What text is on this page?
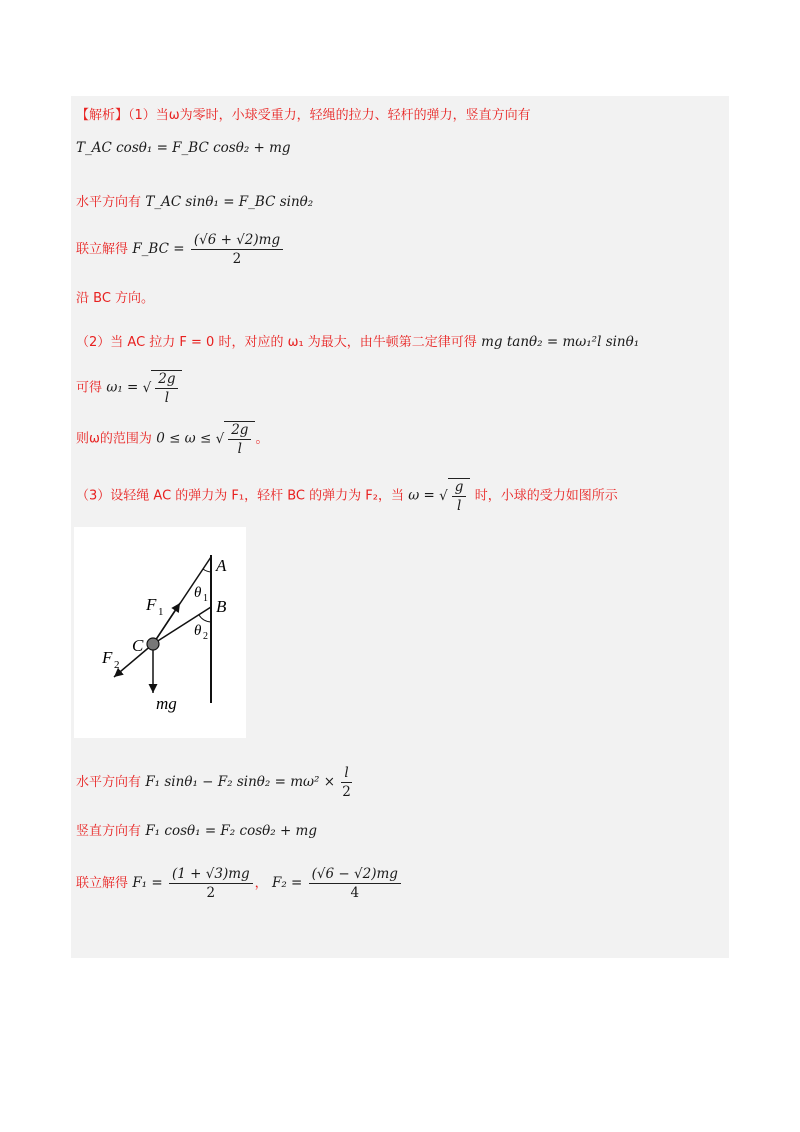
【解析】（1）当ω为零时，小球受重力，轻绳的拉力、轻杆的弹力，竖直方向有
T_AC cosθ₁ = F_BC cosθ₂ + mg
水平方向有 T_AC sinθ₁ = F_BC sinθ₂
联立解得 F_BC = $\frac{(√6 + √2)mg}{2}$
沿 BC 方向。
（2）当 AC 拉力 F = 0 时，对应的 ω₁ 为最大，由牛顿第二定律可得 mg tanθ₂ = mω₁²l sinθ₁
可得 ω₁ = √ $\frac{2g}{l}$
则ω的范围为 0 ≤ ω ≤ √ $\frac{2g}{l}$ 。
（3）设轻绳 AC 的弹力为 F₁，轻杆 BC 的弹力为 F₂，当 ω = √ $\frac{g}{l}$ 时，小球的受力如图所示
A
B
C
F 1
F 2
θ 1
θ 2
mg
水平方向有 F₁ sinθ₁ − F₂ $\sin\theta_2 = m\omega^2 \times \frac{l}{2}$
竖直方向有 F₁ cosθ₁ = F₂ cosθ₂ + mg
联立解得 $F_1 = \frac{(1 + √3)mg}{2}$ ， $F_2 = \frac{(√6 - √2)mg}{4}$
